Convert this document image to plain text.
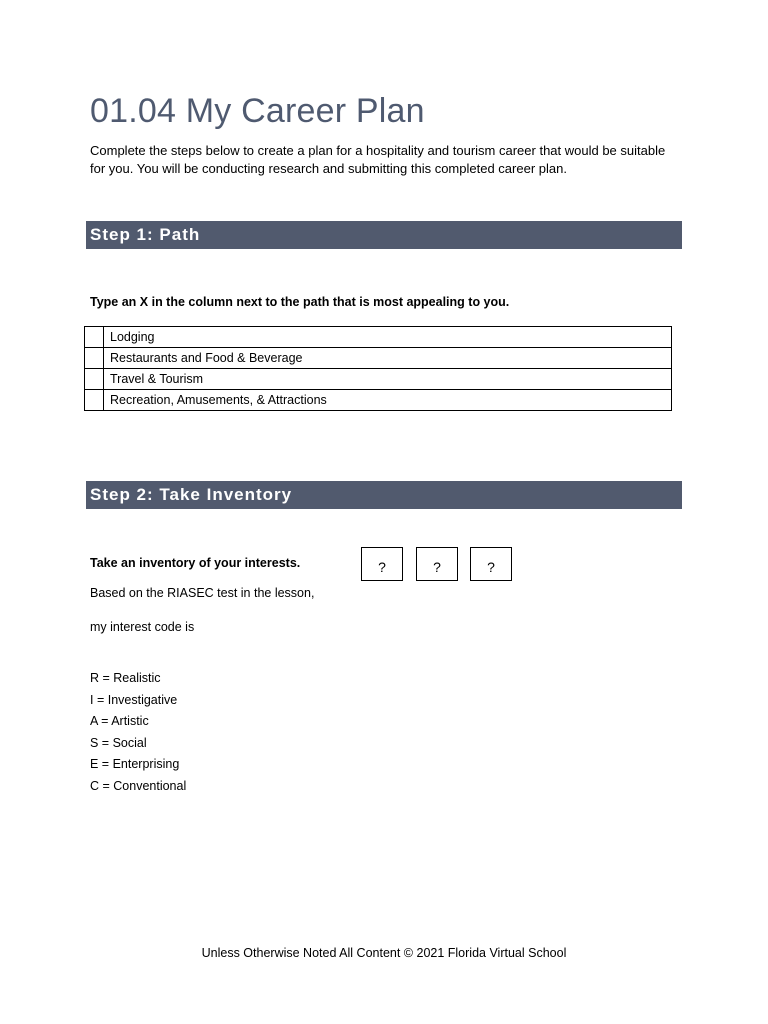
01.04 My Career Plan

Complete the steps below to create a plan for a hospitality and tourism career that would be suitable for you. You will be conducting research and submitting this completed career plan.

Step 1: Path

Type an X in the column next to the path that is most appealing to you.

	Lodging
	Restaurants and Food & Beverage
	Travel & Tourism
	Recreation, Amusements, & Attractions
Step 2: Take Inventory

Take an inventory of your interests.

Based on the RIASEC test in the lesson,

my interest code is

?	?	?
R = Realistic
I = Investigative
A = Artistic
S = Social
E = Enterprising
C = Conventional

Unless Otherwise Noted All Content © 2021 Florida Virtual School
